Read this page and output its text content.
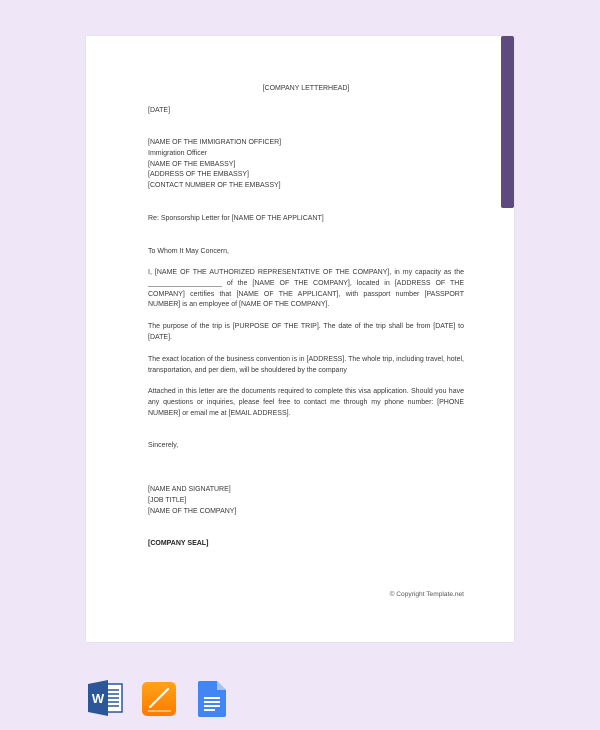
[COMPANY LETTERHEAD]

[DATE]

[NAME OF THE IMMIGRATION OFFICER]
Immigration Officer
[NAME OF THE EMBASSY]
[ADDRESS OF THE EMBASSY]
[CONTACT NUMBER OF THE EMBASSY]

Re: Sponsorship Letter for [NAME OF THE APPLICANT]

To Whom It May Concern,

I, [NAME OF THE AUTHORIZED REPRESENTATIVE OF THE COMPANY], in my capacity as the ___________________ of the [NAME OF THE COMPANY], located in [ADDRESS OF THE COMPANY] certifies that [NAME OF THE APPLICANT], with passport number [PASSPORT NUMBER] is an employee of [NAME OF THE COMPANY].

The purpose of the trip is [PURPOSE OF THE TRIP]. The date of the trip shall be from [DATE] to [DATE].

The exact location of the business convention is in [ADDRESS]. The whole trip, including travel, hotel, transportation, and per diem, will be shouldered by the company

Attached in this letter are the documents required to complete this visa application. Should you have any questions or inquiries, please feel free to contact me through my phone number: [PHONE NUMBER] or email me at [EMAIL ADDRESS].

Sincerely,

[NAME AND SIGNATURE]
[JOB TITLE]
[NAME OF THE COMPANY]

[COMPANY SEAL]

© Copyright Template.net
W
